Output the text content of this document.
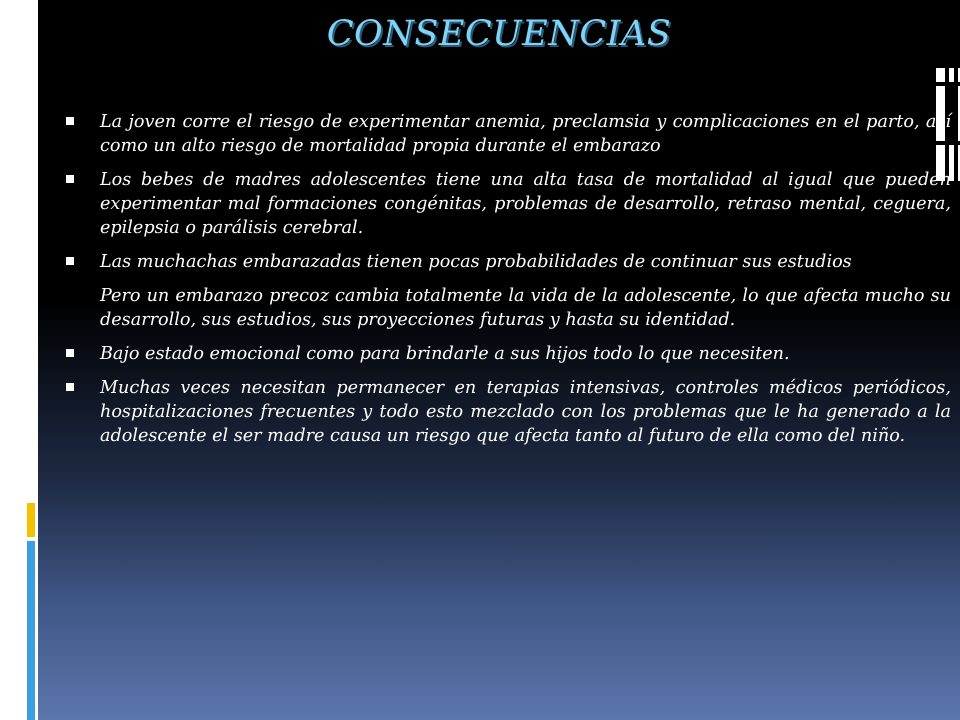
CONSECUENCIAS
La joven corre el riesgo de experimentar anemia, preclamsia y complicaciones en el parto, así como un alto riesgo de mortalidad propia durante el embarazo
Los bebes de madres adolescentes tiene una alta tasa de mortalidad al igual que pueden experimentar mal formaciones congénitas, problemas de desarrollo, retraso mental, ceguera, epilepsia o parálisis cerebral.
Las muchachas embarazadas tienen pocas probabilidades de continuar sus estudios
Pero un embarazo precoz cambia totalmente la vida de la adolescente, lo que afecta mucho su desarrollo, sus estudios, sus proyecciones futuras y hasta su identidad.
Bajo estado emocional como para brindarle a sus hijos todo lo que necesiten.
Muchas veces necesitan permanecer en terapias intensivas, controles médicos periódicos, hospitalizaciones frecuentes y todo esto mezclado con los problemas que le ha generado a la adolescente el ser madre causa un riesgo que afecta tanto al futuro de ella como del niño.
